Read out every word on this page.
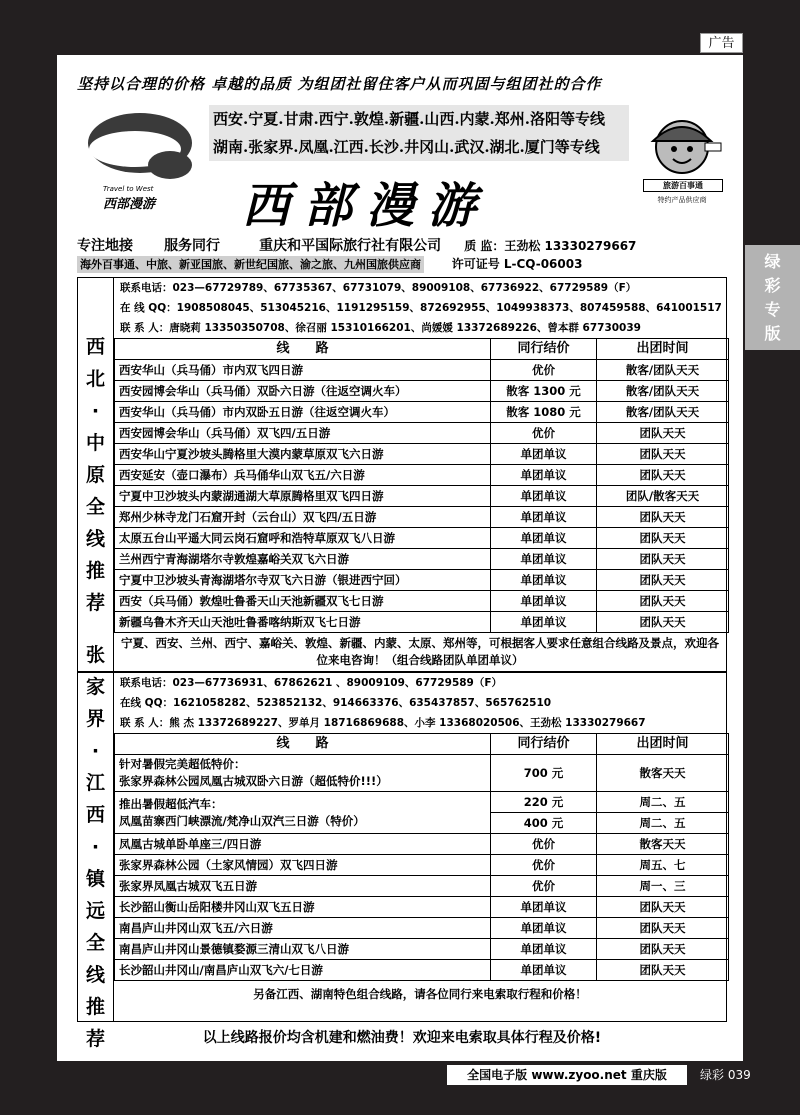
广告
坚持以合理的价格 卓越的品质 为组团社留住客户从而巩固与组团社的合作
Travel to West
西部漫游
西安.宁夏.甘肃.西宁.敦煌.新疆.山西.内蒙.郑州.洛阳等专线
湖南.张家界.凤凰.江西.长沙.井冈山.武汉.湖北.厦门等专线
旅游百事通
特约产品供应商
西部漫游
专注地接 服务同行	重庆和平国际旅行社有限公司 质 监：王劲松 13330279667
海外百事通、中旅、新亚国旅、新世纪国旅、渝之旅、九州国旅供应商	许可证号 L-CQ-06003
西
北
·
中
原
全
线
推
荐
联系电话：023—67729789、67735367、67731079、89009108、67736922、67729589（F）
在 线 QQ：1908508045、513045216、1191295159、872692955、1049938373、807459588、641001517
联 系 人：唐晓莉 13350350708、徐召丽 15310166201、尚媛媛 13372689226、曾本群 67730039
线　　路	同行结价	出团时间
西安华山（兵马俑）市内双飞四日游	优价	散客/团队天天
西安园博会华山（兵马俑）双卧六日游（往返空调火车）	散客 1300 元	散客/团队天天
西安华山（兵马俑）市内双卧五日游（往返空调火车）	散客 1080 元	散客/团队天天
西安园博会华山（兵马俑）双飞四/五日游	优价	团队天天
西安华山宁夏沙坡头腾格里大漠内蒙草原双飞六日游	单团单议	团队天天
西安延安（壶口瀑布）兵马俑华山双飞五/六日游	单团单议	团队天天
宁夏中卫沙坡头内蒙湖通湖大草原腾格里双飞四日游	单团单议	团队/散客天天
郑州少林寺龙门石窟开封（云台山）双飞四/五日游	单团单议	团队天天
太原五台山平遥大同云岗石窟呼和浩特草原双飞八日游	单团单议	团队天天
兰州西宁青海湖塔尔寺敦煌嘉峪关双飞六日游	单团单议	团队天天
宁夏中卫沙坡头青海湖塔尔寺双飞六日游（银进西宁回）	单团单议	团队天天
西安（兵马俑）敦煌吐鲁番天山天池新疆双飞七日游	单团单议	团队天天
新疆乌鲁木齐天山天池吐鲁番喀纳斯双飞七日游	单团单议	团队天天
宁夏、西安、兰州、西宁、嘉峪关、敦煌、新疆、内蒙、太原、郑州等，可根据客人要求任意组合线路及景点，欢迎各位来电咨询！（组合线路团队单团单议）
张
家
界
·
江
西
·
镇
远
全
线
推
荐
联系电话：023—67736931、67862621 、89009109、67729589（F）
在线 QQ：1621058282、523852132、914663376、635437857、565762510
联 系 人：熊 杰 13372689227、罗单月 18716869688、小李 13368020506、王劲松 13330279667
线　　路	同行结价	出团时间

针对暑假完美超低特价：
张家界森林公园凤凰古城双卧六日游（超低特价!!!）	700 元	散客天天

推出暑假超低汽车：
凤凰苗寨西门峡漂流/梵净山双汽三日游（特价）	220 元	周二、五
	400 元	周二、五
凤凰古城单卧单座三/四日游	优价	散客天天
张家界森林公园（土家风情园）双飞四日游	优价	周五、七
张家界凤凰古城双飞五日游	优价	周一、三
长沙韶山衡山岳阳楼井冈山双飞五日游	单团单议	团队天天
南昌庐山井冈山双飞五/六日游	单团单议	团队天天
南昌庐山井冈山景德镇婺源三清山双飞八日游	单团单议	团队天天
长沙韶山井冈山/南昌庐山双飞六/七日游	单团单议	团队天天
另备江西、湖南特色组合线路，请各位同行来电索取行程和价格！
以上线路报价均含机建和燃油费！欢迎来电索取具体行程及价格!
绿
彩
专
版
全国电子版 www.zyoo.net 重庆版	绿彩 039
